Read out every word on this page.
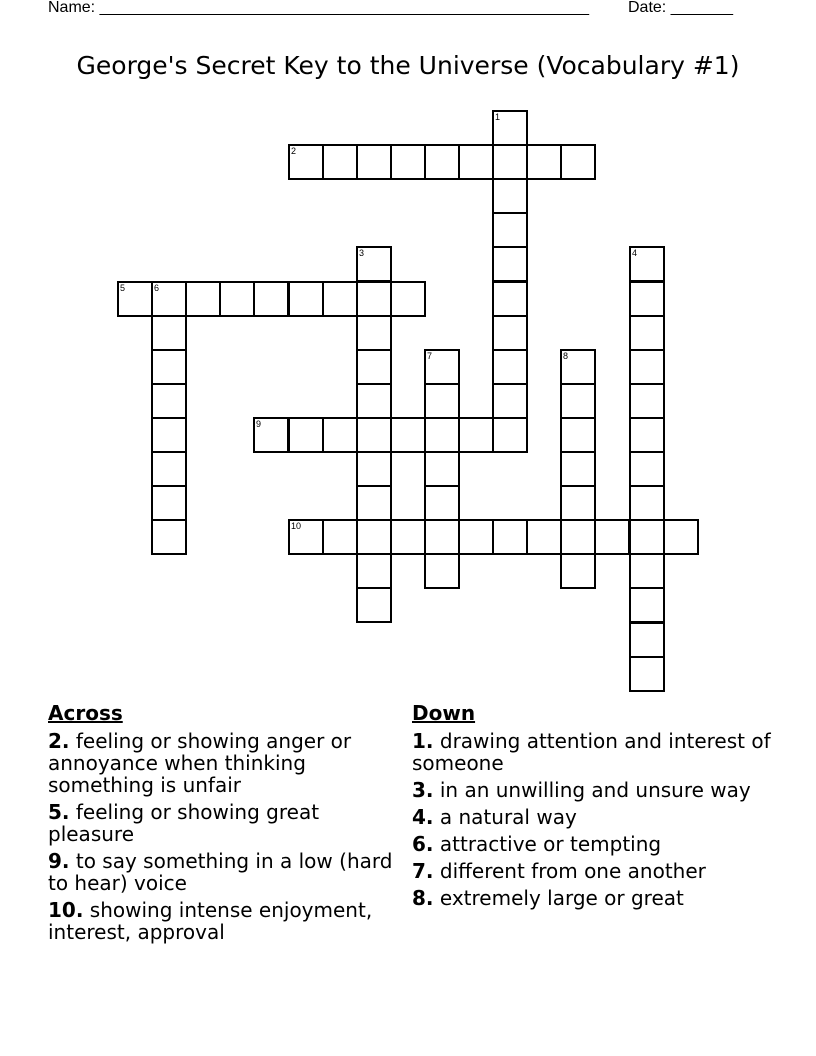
Name: _______________________________________________________ Date: _______
George's Secret Key to the Universe (Vocabulary #1)
2
5	6
9
10
1
3	4
7	8
Across
2. feeling or showing anger or annoyance when thinking something is unfair
5. feeling or showing great pleasure
9. to say something in a low (hard to hear) voice
10. showing intense enjoyment, interest, approval
Down
1. drawing attention and interest of someone
3. in an unwilling and unsure way
4. a natural way
6. attractive or tempting
7. different from one another
8. extremely large or great
